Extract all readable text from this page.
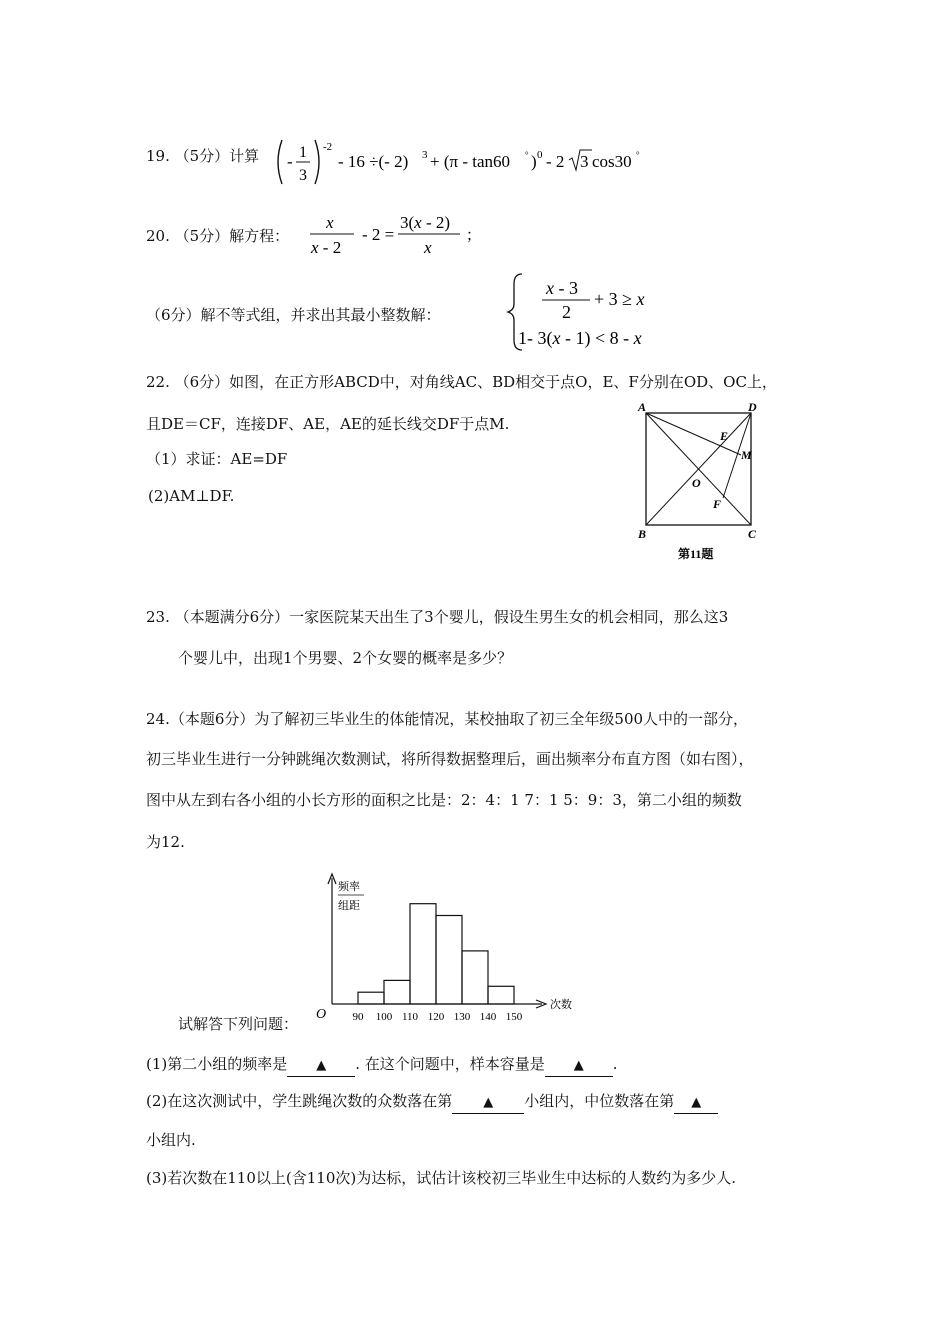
19. （5分）计算 - 1
3
-2
- 16 ÷(- 2) 3 + (π - tan60 ° ) 0 - 2 3 cos30 °
20. （5分）解方程：
x
x - 2
- 2 =
3(x - 2)
x
；
（6分）解不等式组，并求出其最小整数解：
x - 3
2
+ 3 ≥ x
1- 3(x - 1) < 8 - x
22. （6分）如图，在正方形ABCD中，对角线AC、BD相交于点O，E、F分别在OD、OC上，
且DE＝CF，连接DF、AE，AE的延长线交DF于点M.
（1）求证：AE=DF
(2)AM⊥DF.
A	D
E
M
O
F
B	C
第11题
23. （本题满分6分）一家医院某天出生了3个婴儿，假设生男生女的机会相同，那么这3
个婴儿中，出现1个男婴、2个女婴的概率是多少？
24.（本题6分）为了解初三毕业生的体能情况，某校抽取了初三全年级500人中的一部分，
初三毕业生进行一分钟跳绳次数测试，将所得数据整理后，画出频率分布直方图（如右图），
图中从左到右各小组的小长方形的面积之比是：2：4：1 7：1 5：9：3，第二小组的频数
为12.
频率
组距
O
次数
90 100 110 120 130 140 150
试解答下列问题：
(1)第二小组的频率是 ▲ . 在这个问题中，样本容量是 ▲ .
(2)在这次测试中，学生跳绳次数的众数落在第 ▲ 小组内，中位数落在第 ▲
小组内.
(3)若次数在110以上(含110次)为达标，试估计该校初三毕业生中达标的人数约为多少人.
